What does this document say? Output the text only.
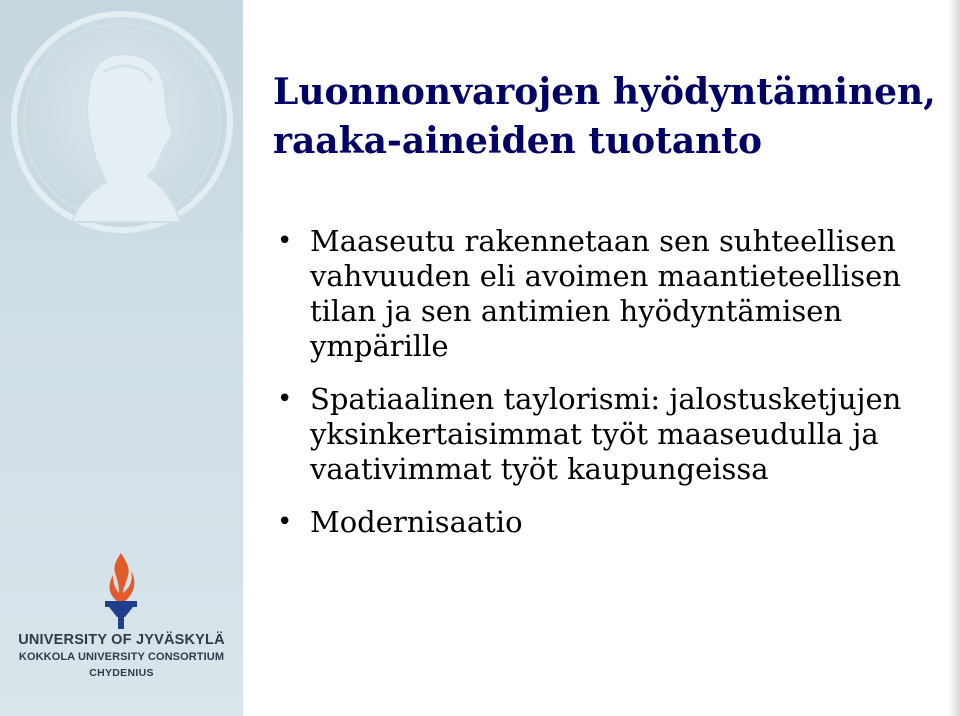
UNIVERSITY OF JYVÄSKYLÄ
KOKKOLA UNIVERSITY CONSORTIUM
CHYDENIUS
Luonnonvarojen hyödyntäminen,
raaka-aineiden tuotanto
• Maaseutu rakennetaan sen suhteellisen vahvuuden eli avoimen maantieteellisen tilan ja sen antimien hyödyntämisen ympärille
• Spatiaalinen taylorismi: jalostusketjujen yksinkertaisimmat työt maaseudulla ja vaativimmat työt kaupungeissa
• Modernisaatio
